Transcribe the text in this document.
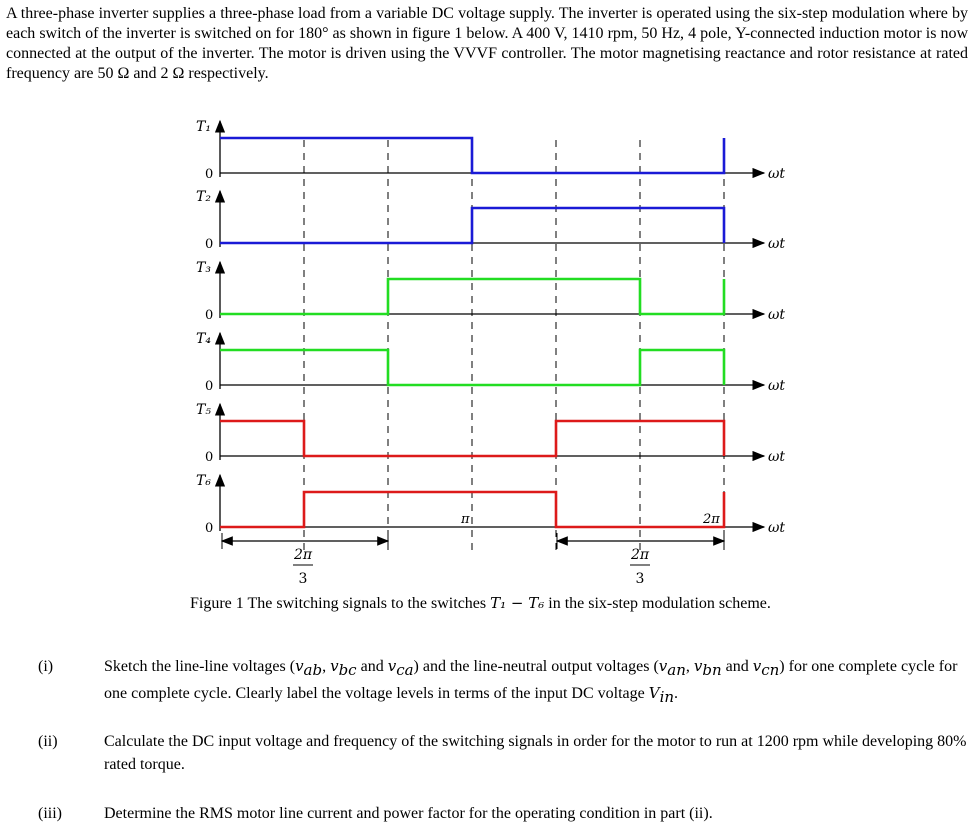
A three-phase inverter supplies a three-phase load from a variable DC voltage supply. The inverter is operated using the six-step modulation where by each switch of the inverter is switched on for 180° as shown in figure 1 below. A 400 V, 1410 rpm, 50 Hz, 4 pole, Y-connected induction motor is now connected at the output of the inverter. The motor is driven using the VVVF controller. The motor magnetising reactance and rotor resistance at rated frequency are 50 Ω and 2 Ω respectively.

ωt
0
T₁
ωt
0
T₂
ωt
0
T₃
ωt
0
T₄
ωt
0
T₅
ωt
0
T₆
π	2π
2π
3
2π
3
Figure 1 The switching signals to the switches T₁ − T₆ in the six-step modulation scheme.
(i)	Sketch the line-line voltages ($v_{ab}$, $v_{bc}$ and $v_{ca}$) and the line-neutral output voltages ($v_{an}$, $v_{bn}$ and $v_{cn}$) for one complete cycle for one complete cycle. Clearly label the voltage levels in terms of the input DC voltage $V_{in}$.
(ii)	Calculate the DC input voltage and frequency of the switching signals in order for the motor to run at 1200 rpm while developing 80% rated torque.
(iii)	Determine the RMS motor line current and power factor for the operating condition in part (ii).
